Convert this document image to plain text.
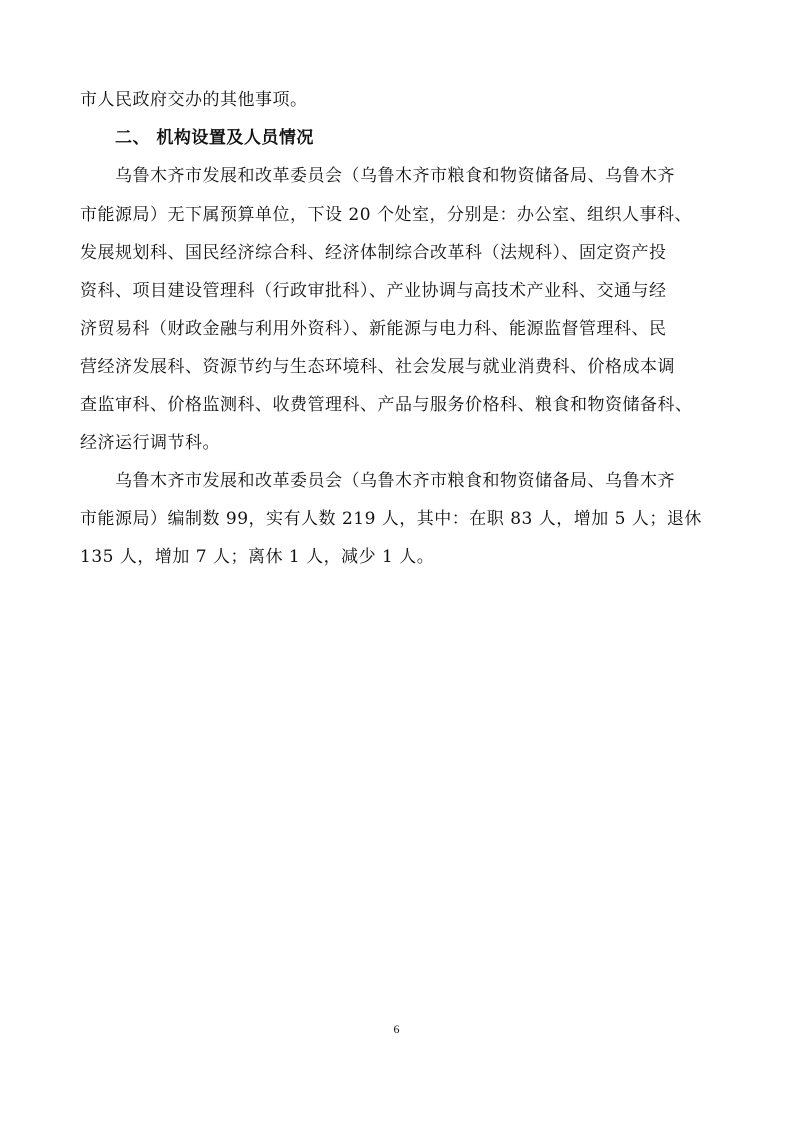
市人民政府交办的其他事项。
二、 机构设置及人员情况
乌鲁木齐市发展和改革委员会（乌鲁木齐市粮食和物资储备局、乌鲁木齐
市能源局）无下属预算单位，下设 20 个处室，分别是：办公室、组织人事科、
发展规划科、国民经济综合科、经济体制综合改革科（法规科）、固定资产投
资科、项目建设管理科（行政审批科）、产业协调与高技术产业科、交通与经
济贸易科（财政金融与利用外资科）、新能源与电力科、能源监督管理科、民
营经济发展科、资源节约与生态环境科、社会发展与就业消费科、价格成本调
查监审科、价格监测科、收费管理科、产品与服务价格科、粮食和物资储备科、
经济运行调节科。
乌鲁木齐市发展和改革委员会（乌鲁木齐市粮食和物资储备局、乌鲁木齐
市能源局）编制数 99，实有人数 219 人，其中：在职 83 人，增加 5 人；退休
135 人，增加 7 人；离休 1 人，减少 1 人。
6
